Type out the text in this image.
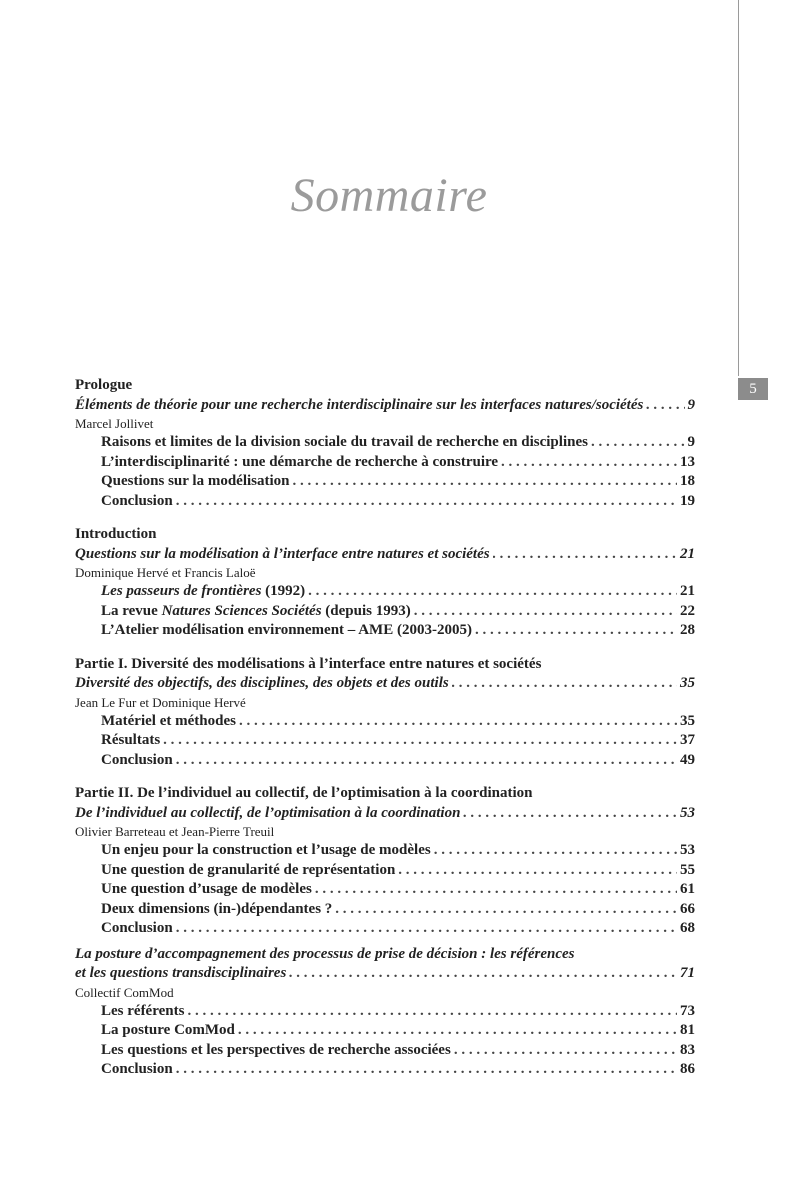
5
Sommaire
Prologue
Éléments de théorie pour une recherche interdisciplinaire sur les interfaces natures/sociétés . . .	9
Marcel Jollivet
Raisons et limites de la division sociale du travail de recherche en disciplines . . .	9
L’interdisciplinarité : une démarche de recherche à construire . . .	13
Questions sur la modélisation . . .	18
Conclusion . . .	19
Introduction
Questions sur la modélisation à l’interface entre natures et sociétés . . .	21
Dominique Hervé et Francis Laloë
Les passeurs de frontières (1992) . . .	21
La revue Natures Sciences Sociétés (depuis 1993) . . .	22
L’Atelier modélisation environnement – AME (2003-2005) . . .	28
Partie I. Diversité des modélisations à l’interface entre natures et sociétés
Diversité des objectifs, des disciplines, des objets et des outils . . .	35
Jean Le Fur et Dominique Hervé
Matériel et méthodes . . .	35
Résultats . . .	37
Conclusion . . .	49
Partie II. De l’individuel au collectif, de l’optimisation à la coordination
De l’individuel au collectif, de l’optimisation à la coordination . . .	53
Olivier Barreteau et Jean-Pierre Treuil
Un enjeu pour la construction et l’usage de modèles . . .	53
Une question de granularité de représentation . . .	55
Une question d’usage de modèles . . .	61
Deux dimensions (in-)dépendantes ? . . .	66
Conclusion . . .	68
La posture d’accompagnement des processus de prise de décision : les références
et les questions transdisciplinaires . . .	71
Collectif ComMod
Les référents . . .	73
La posture ComMod . . .	81
Les questions et les perspectives de recherche associées . . .	83
Conclusion . . .	86
